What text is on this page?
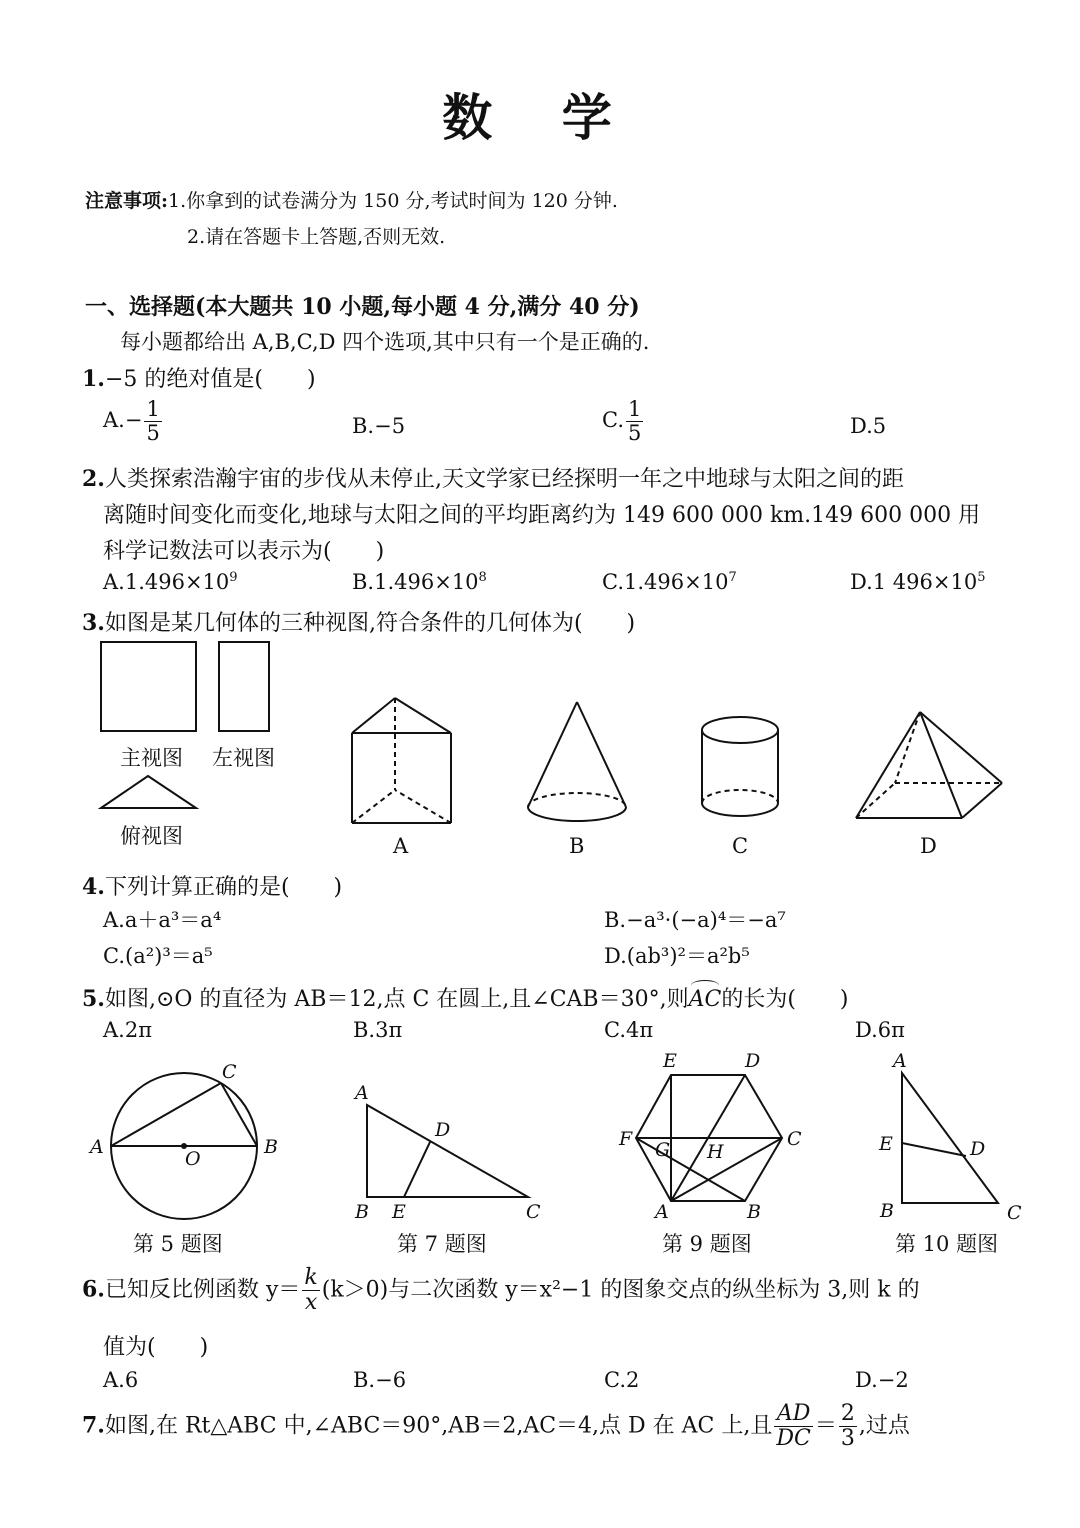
数 学
注意事项:1.你拿到的试卷满分为 150 分,考试时间为 120 分钟.
2.请在答题卡上答题,否则无效.
一、选择题(本大题共 10 小题,每小题 4 分,满分 40 分)
每小题都给出 A,B,C,D 四个选项,其中只有一个是正确的.
1.−5 的绝对值是(　　)
$A.- \frac{1}{5}$	B.−5	C. $\frac{1}{5}$	D.5
2.人类探索浩瀚宇宙的步伐从未停止,天文学家已经探明一年之中地球与太阳之间的距
离随时间变化而变化,地球与太阳之间的平均距离约为 149 600 000 km.149 600 000 用
科学记数法可以表示为(　　)
$A.1.496\times 10^9$	$B.1.496\times 10^8$	$C.1.496\times 10^7$	D.1 $496\times 10^5$
3.如图是某几何体的三种视图,符合条件的几何体为(　　)
主视图 左视图
俯视图	A	B	C	D
4.下列计算正确的是(　　)
A.a＋a³＝a⁴	B.−a³·(−a)⁴＝−a⁷
C.(a²)³＝a⁵	D.(ab³)²＝a²b⁵
5.如图,⊙O 的直径为 AB＝12,点 C 在圆上,且∠CAB＝30°,则
AC的长为(　　)
A.2π	B.3π	C.4π	D.6π
A	B
C
O
A
B	C
D
E
E	D
F	C
G H
A	B
A
E	D
B	C
第 5 题图	第 7 题图	第 9 题图	第 10 题图
6.已知反比例函数 $y= \frac{k}{x} (k>0)$与二次函数 y＝x²−1 的图象交点的纵坐标为 3,则 k 的
值为(　　)
A.6	B.−6	C.2	D.−2
7.如图,在 Rt△ABC 中,∠ABC＝90°,AB＝2,AC＝4,点 D 在 AC 上,且 $\frac{AD}{DC} = \frac{2}{3}$ ,过点
